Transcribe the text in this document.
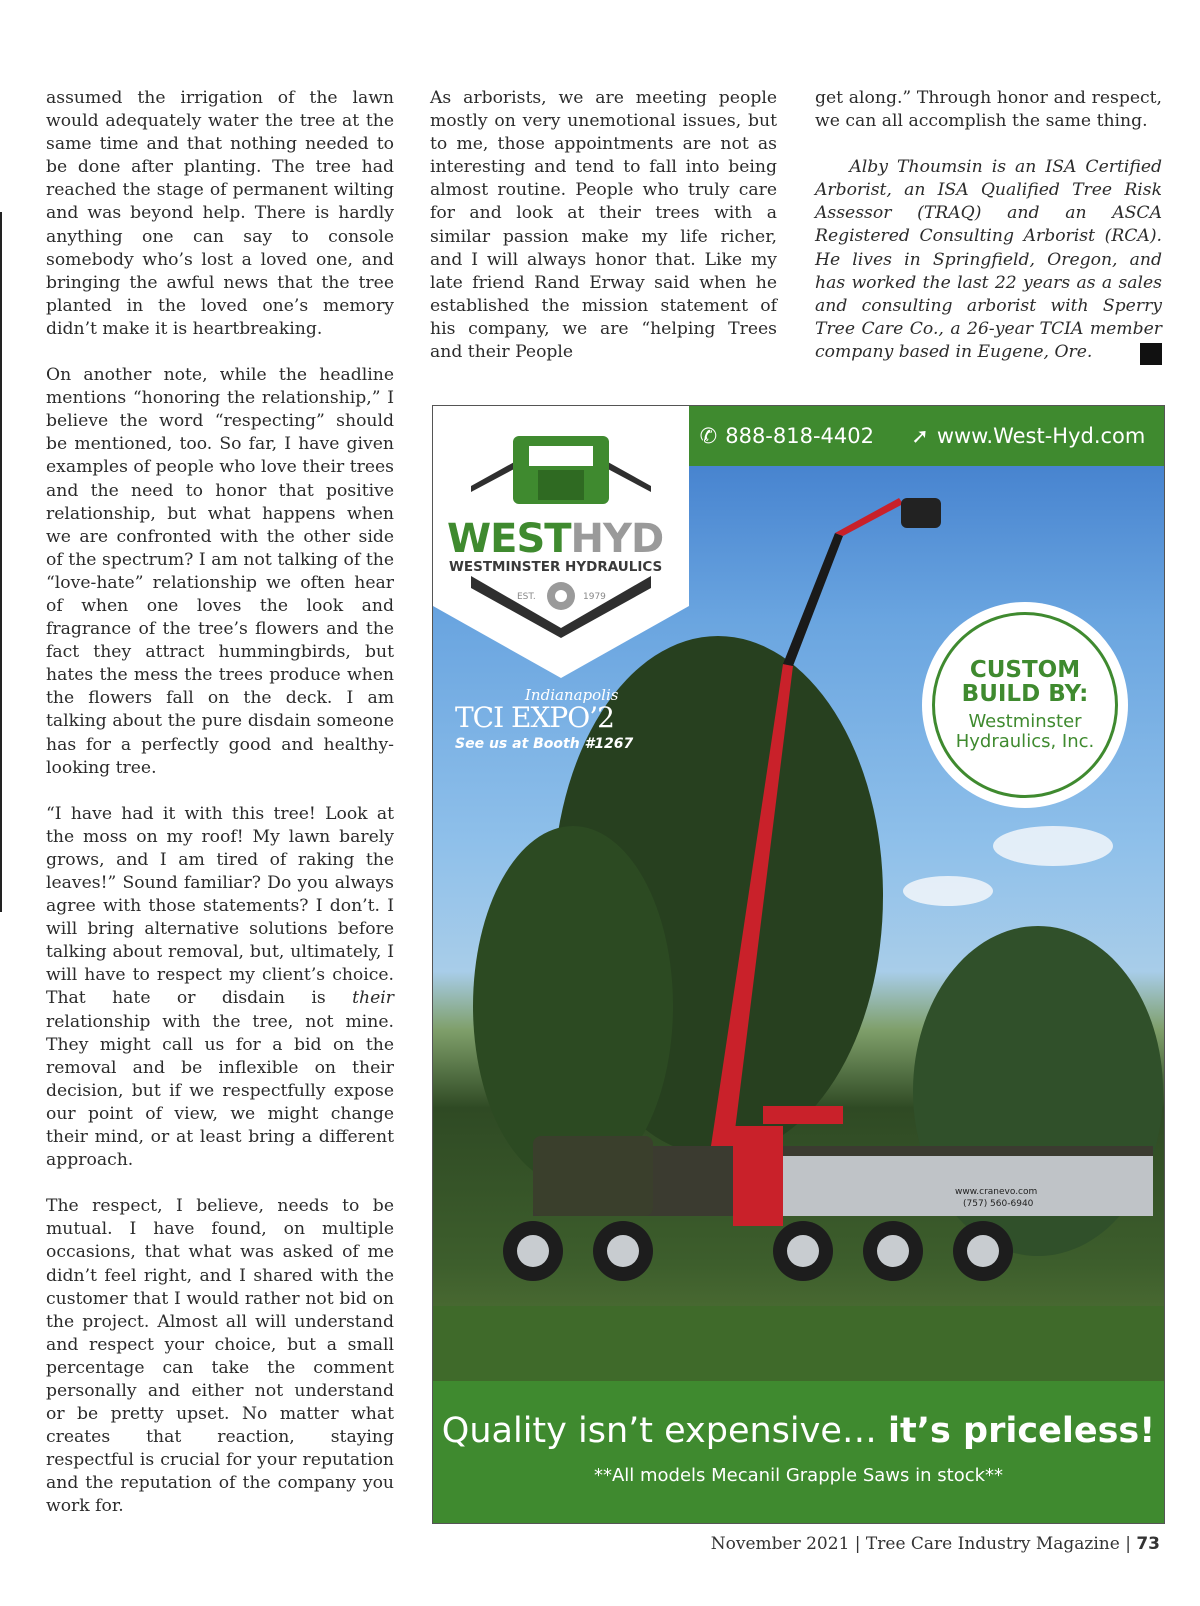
assumed the irrigation of the lawn would adequately water the tree at the same time and that nothing needed to be done after planting. The tree had reached the stage of permanent wilting and was beyond help. There is hardly anything one can say to console somebody who’s lost a loved one, and bringing the awful news that the tree planted in the loved one’s memory didn’t make it is heartbreaking.

On another note, while the headline mentions “honoring the relationship,” I believe the word “respecting” should be mentioned, too. So far, I have given examples of people who love their trees and the need to honor that positive relationship, but what happens when we are confronted with the other side of the spectrum? I am not talking of the “love-hate” relationship we often hear of when one loves the look and fragrance of the tree’s flowers and the fact they attract hummingbirds, but hates the mess the trees produce when the flowers fall on the deck. I am talking about the pure disdain someone has for a perfectly good and healthy-looking tree.

“I have had it with this tree! Look at the moss on my roof! My lawn barely grows, and I am tired of raking the leaves!” Sound familiar? Do you always agree with those statements? I don’t. I will bring alternative solutions before talking about removal, but, ultimately, I will have to respect my client’s choice. That hate or disdain is their relationship with the tree, not mine. They might call us for a bid on the removal and be inflexible on their decision, but if we respectfully expose our point of view, we might change their mind, or at least bring a different approach.

The respect, I believe, needs to be mutual. I have found, on multiple occasions, that what was asked of me didn’t feel right, and I shared with the customer that I would rather not bid on the project. Almost all will understand and respect your choice, but a small percentage can take the comment personally and either not understand or be pretty upset. No matter what creates that reaction, staying respectful is crucial for your reputation and the reputation of the company you work for.

As arborists, we are meeting people mostly on very unemotional issues, but to me, those appointments are not as interesting and tend to fall into being almost routine. People who truly care for and look at their trees with a similar passion make my life richer, and I will always honor that. Like my late friend Rand Erway said when he established the mission statement of his company, we are “helping Trees and their People

get along.” Through honor and respect, we can all accomplish the same thing.

Alby Thoumsin is an ISA Certified Arborist, an ISA Qualified Tree Risk Assessor (TRAQ) and an ASCA Registered Consulting Arborist (RCA). He lives in Springfield, Oregon, and has worked the last 22 years as a sales and consulting arborist with Sperry Tree Care Co., a 26-year TCIA member company based in Eugene, Ore.

www.cranevo.com
(757) 560-6940
✆ 888-818-4402 ➚ www.West-Hyd.com
WESTHYD
WESTMINSTER HYDRAULICS
EST.	1979
Indianapolis
TCI EXPO’2
See us at Booth #1267
CUSTOM BUILD BY:
Westminster Hydraulics, Inc.
Quality isn’t expensive… it’s priceless!
**All models Mecanil Grapple Saws in stock**
November 2021 | Tree Care Industry Magazine | 73
